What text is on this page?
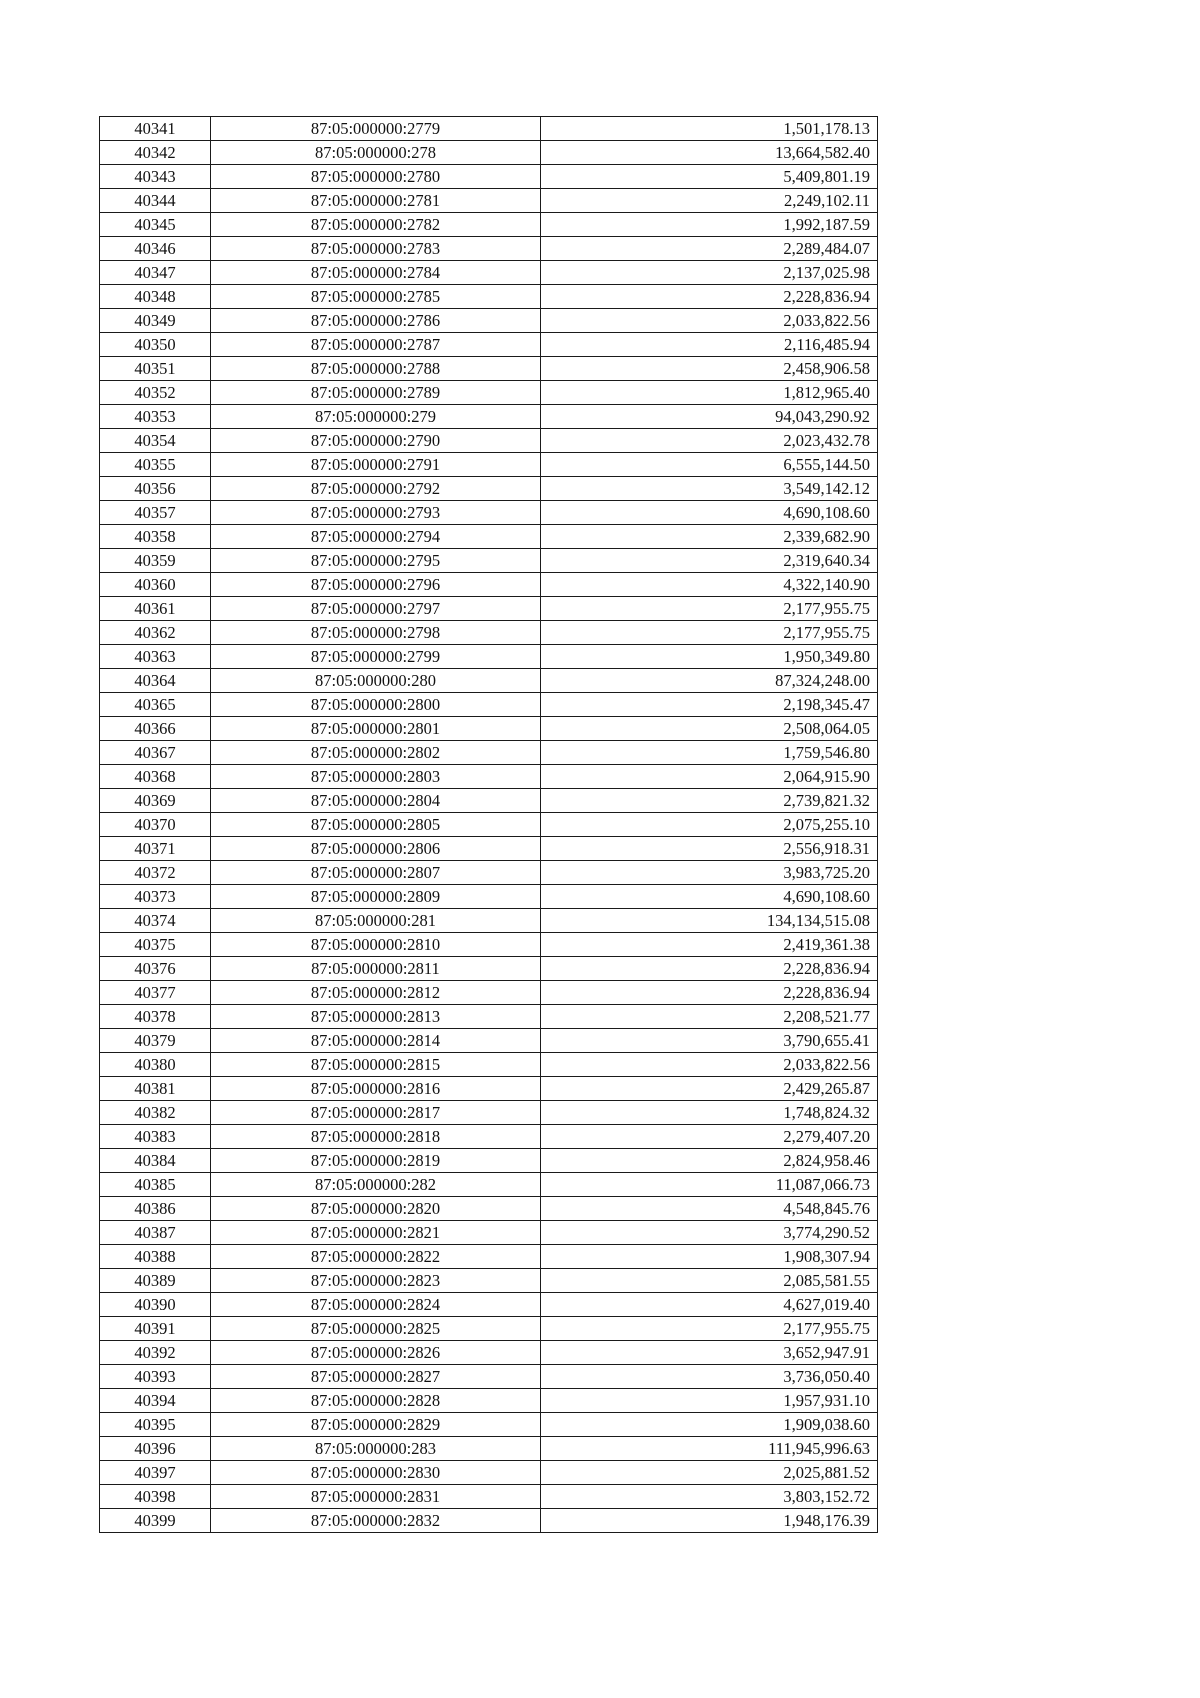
40341	87:05:000000:2779	1,501,178.13
40342	87:05:000000:278	13,664,582.40
40343	87:05:000000:2780	5,409,801.19
40344	87:05:000000:2781	2,249,102.11
40345	87:05:000000:2782	1,992,187.59
40346	87:05:000000:2783	2,289,484.07
40347	87:05:000000:2784	2,137,025.98
40348	87:05:000000:2785	2,228,836.94
40349	87:05:000000:2786	2,033,822.56
40350	87:05:000000:2787	2,116,485.94
40351	87:05:000000:2788	2,458,906.58
40352	87:05:000000:2789	1,812,965.40
40353	87:05:000000:279	94,043,290.92
40354	87:05:000000:2790	2,023,432.78
40355	87:05:000000:2791	6,555,144.50
40356	87:05:000000:2792	3,549,142.12
40357	87:05:000000:2793	4,690,108.60
40358	87:05:000000:2794	2,339,682.90
40359	87:05:000000:2795	2,319,640.34
40360	87:05:000000:2796	4,322,140.90
40361	87:05:000000:2797	2,177,955.75
40362	87:05:000000:2798	2,177,955.75
40363	87:05:000000:2799	1,950,349.80
40364	87:05:000000:280	87,324,248.00
40365	87:05:000000:2800	2,198,345.47
40366	87:05:000000:2801	2,508,064.05
40367	87:05:000000:2802	1,759,546.80
40368	87:05:000000:2803	2,064,915.90
40369	87:05:000000:2804	2,739,821.32
40370	87:05:000000:2805	2,075,255.10
40371	87:05:000000:2806	2,556,918.31
40372	87:05:000000:2807	3,983,725.20
40373	87:05:000000:2809	4,690,108.60
40374	87:05:000000:281	134,134,515.08
40375	87:05:000000:2810	2,419,361.38
40376	87:05:000000:2811	2,228,836.94
40377	87:05:000000:2812	2,228,836.94
40378	87:05:000000:2813	2,208,521.77
40379	87:05:000000:2814	3,790,655.41
40380	87:05:000000:2815	2,033,822.56
40381	87:05:000000:2816	2,429,265.87
40382	87:05:000000:2817	1,748,824.32
40383	87:05:000000:2818	2,279,407.20
40384	87:05:000000:2819	2,824,958.46
40385	87:05:000000:282	11,087,066.73
40386	87:05:000000:2820	4,548,845.76
40387	87:05:000000:2821	3,774,290.52
40388	87:05:000000:2822	1,908,307.94
40389	87:05:000000:2823	2,085,581.55
40390	87:05:000000:2824	4,627,019.40
40391	87:05:000000:2825	2,177,955.75
40392	87:05:000000:2826	3,652,947.91
40393	87:05:000000:2827	3,736,050.40
40394	87:05:000000:2828	1,957,931.10
40395	87:05:000000:2829	1,909,038.60
40396	87:05:000000:283	111,945,996.63
40397	87:05:000000:2830	2,025,881.52
40398	87:05:000000:2831	3,803,152.72
40399	87:05:000000:2832	1,948,176.39
